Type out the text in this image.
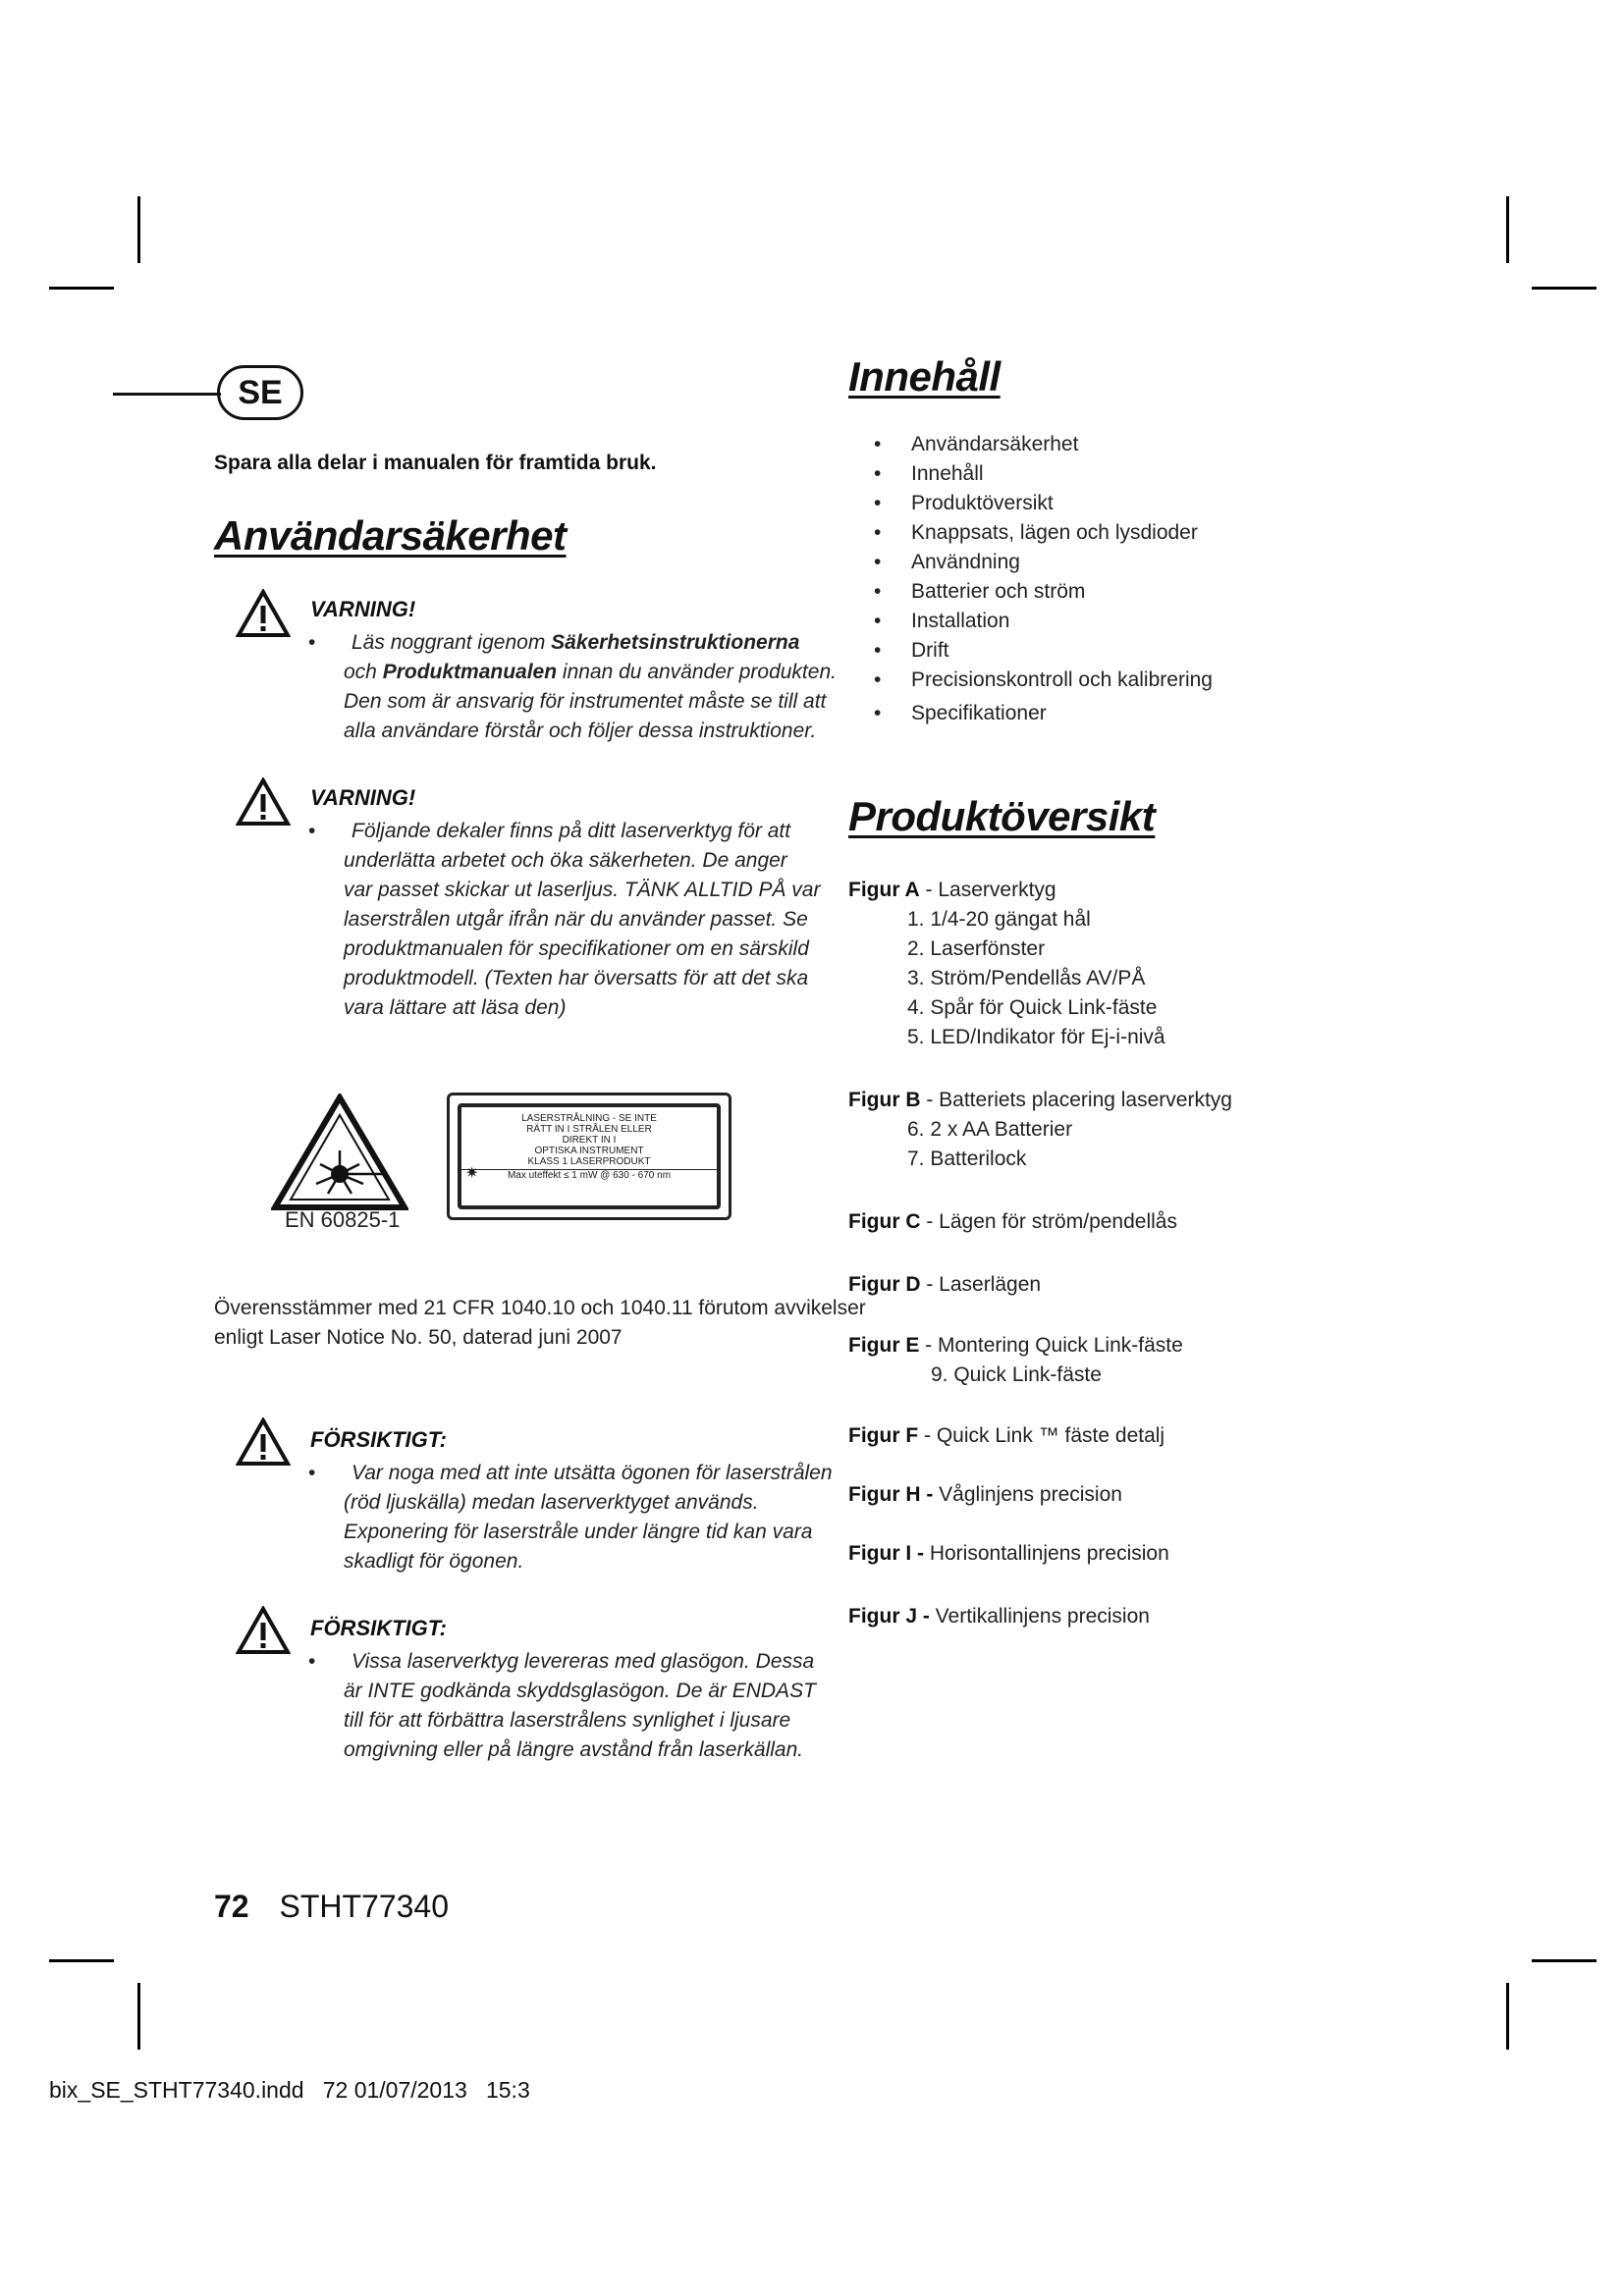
SE
Spara alla delar i manualen för framtida bruk.
Användarsäkerhet
VARNING!
•	Läs noggrant igenom Säkerhetsinstruktionerna
och Produktmanualen innan du använder produkten.
Den som är ansvarig för instrumentet måste se till att
alla användare förstår och följer dessa instruktioner.
VARNING!
•	Följande dekaler finns på ditt laserverktyg för att
underlätta arbetet och öka säkerheten. De anger
var passet skickar ut laserljus. TÄNK ALLTID PÅ var
laserstrålen utgår ifrån när du använder passet. Se
produktmanualen för specifikationer om en särskild
produktmodell. (Texten har översatts för att det ska
vara lättare att läsa den)
EN 60825-1
LASERSTRÅLNING - SE INTE
RÄTT IN I STRÅLEN ELLER
DIREKT IN I
OPTISKA INSTRUMENT
KLASS 1 LASERPRODUKT
✷	Max uteffekt ≤ 1 mW @ 630 - 670 nm
Överensstämmer med 21 CFR 1040.10 och 1040.11 förutom avvikelser
enligt Laser Notice No. 50, daterad juni 2007
FÖRSIKTIGT:
•	Var noga med att inte utsätta ögonen för laserstrålen
(röd ljuskälla) medan laserverktyget används.
Exponering för laserstråle under längre tid kan vara
skadligt för ögonen.
FÖRSIKTIGT:
•	Vissa laserverktyg levereras med glasögon. Dessa
är INTE godkända skyddsglasögon. De är ENDAST
till för att förbättra laserstrålens synlighet i ljusare
omgivning eller på längre avstånd från laserkällan.
Innehåll
• Användarsäkerhet
• Innehåll
• Produktöversikt
• Knappsats, lägen och lysdioder
• Användning
• Batterier och ström
• Installation
• Drift
• Precisionskontroll och kalibrering
• Specifikationer
Produktöversikt
Figur A - Laserverktyg
1. 1/4-20 gängat hål
2. Laserfönster
3. Ström/Pendellås AV/PÅ
4. Spår för Quick Link-fäste
5. LED/Indikator för Ej-i-nivå
Figur B - Batteriets placering laserverktyg
6. 2 x AA Batterier
7. Batterilock
Figur C - Lägen för ström/pendellås
Figur D - Laserlägen
Figur E - Montering Quick Link-fäste
9. Quick Link-fäste
Figur F - Quick Link ™ fäste detalj
Figur H - Våglinjens precision
Figur I - Horisontallinjens precision
Figur J - Vertikallinjens precision
72 STHT77340
bix_SE_STHT77340.indd   72 01/07/2013   15:3
